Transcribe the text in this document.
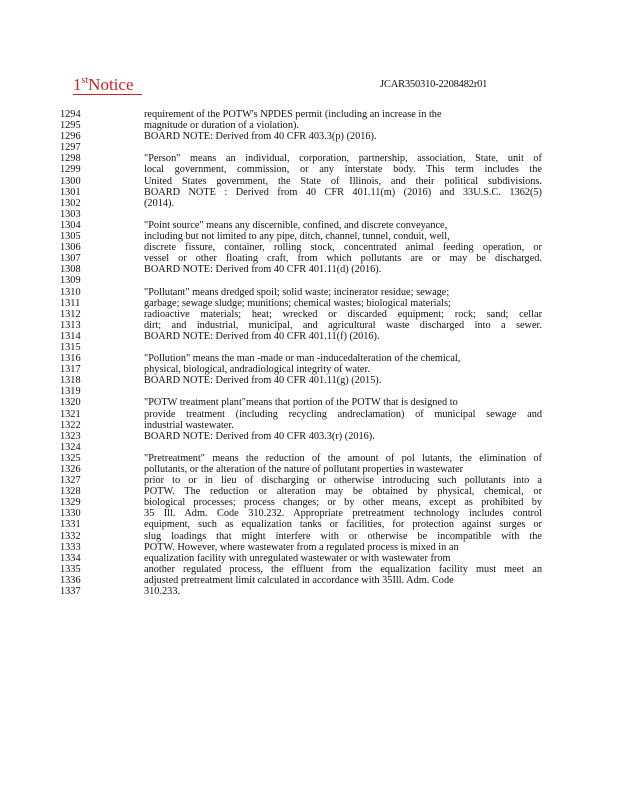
1stNotice	JCAR350310-2208482r01
1294	requirement of the POTW's NPDES permit (including an increase in the
1295	magnitude or duration of a violation).
1296	BOARD NOTE: Derived from 40 CFR 403.3(p) (2016).
1297
1298	"Person" means an individual, corporation, partnership, association, State, unit of
1299	local government, commission, or any interstate body. This term includes the
1300	United States government, the State of Illinois, and their political subdivisions.
1301	BOARD NOTE : Derived from 40 CFR 401.11(m) (2016) and 33U.S.C. 1362(5)
1302	(2014).
1303
1304	"Point source" means any discernible, confined, and discrete conveyance,
1305	including but not limited to any pipe, ditch, channel, tunnel, conduit, well,
1306	discrete fissure, container, rolling stock, concentrated animal feeding operation, or
1307	vessel or other floating craft, from which pollutants are or may be discharged.
1308	BOARD NOTE: Derived from 40 CFR 401.11(d) (2016).
1309
1310	"Pollutant" means dredged spoil; solid waste; incinerator residue; sewage;
1311	garbage; sewage sludge; munitions; chemical wastes; biological materials;
1312	radioactive materials; heat; wrecked or discarded equipment; rock; sand; cellar
1313	dirt; and industrial, municipal, and agricultural waste discharged into a sewer.
1314	BOARD NOTE: Derived from 40 CFR 401.11(f) (2016).
1315
1316	"Pollution" means the man -made or man -inducedalteration of the chemical,
1317	physical, biological, andradiological integrity of water.
1318	BOARD NOTE: Derived from 40 CFR 401.11(g) (2015).
1319
1320	"POTW treatment plant"means that portion of the POTW that is designed to
1321	provide treatment (including recycling andreclamation) of municipal sewage and
1322	industrial wastewater.
1323	BOARD NOTE: Derived from 40 CFR 403.3(r) (2016).
1324
1325	"Pretreatment" means the reduction of the amount of pol lutants, the elimination of
1326	pollutants, or the alteration of the nature of pollutant properties in wastewater
1327	prior to or in lieu of discharging or otherwise introducing such pollutants into a
1328	POTW. The reduction or alteration may be obtained by physical, chemical, or
1329	biological processes; process changes; or by other means, except as prohibited by
1330	35 Ill. Adm. Code 310.232. Appropriate pretreatment technology includes control
1331	equipment, such as equalization tanks or facilities, for protection against surges or
1332	slug loadings that might interfere with or otherwise be incompatible with the
1333	POTW. However, where wastewater from a regulated process is mixed in an
1334	equalization facility with unregulated wastewater or with wastewater from
1335	another regulated process, the effluent from the equalization facility must meet an
1336	adjusted pretreatment limit calculated in accordance with 35Ill. Adm. Code
1337	310.233.
